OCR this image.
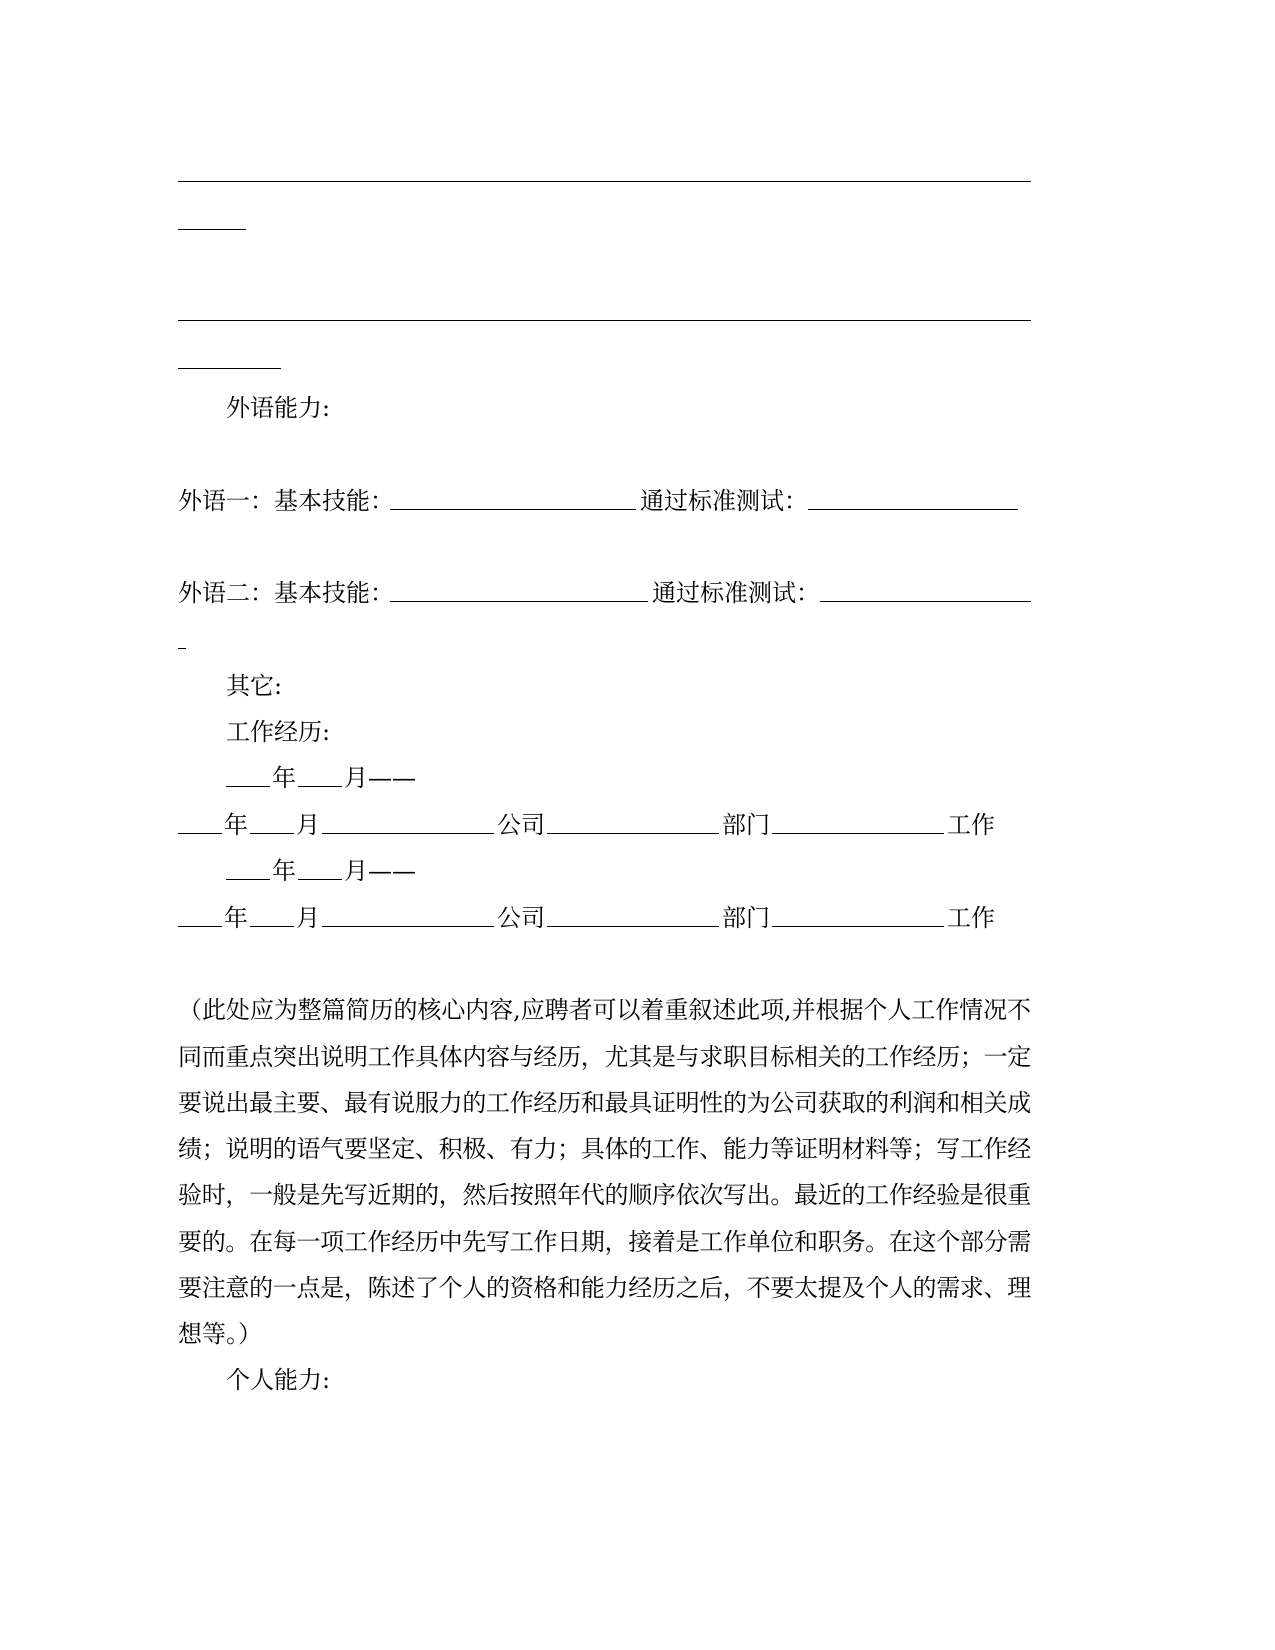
外语能力:
外语一：基本技能：	通过标准测试：
外语二：基本技能：	通过标准测试：
其它:
工作经历:
年 月——
年 月	公司	部门	工作
年 月——
年 月	公司	部门	工作
（此处应为整篇简历的核心内容,应聘者可以着重叙述此项,并根据个人工作情况不
同而重点突出说明工作具体内容与经历，尤其是与求职目标相关的工作经历；一定
要说出最主要、最有说服力的工作经历和最具证明性的为公司获取的利润和相关成
绩；说明的语气要坚定、积极、有力；具体的工作、能力等证明材料等；写工作经
验时，一般是先写近期的，然后按照年代的顺序依次写出。最近的工作经验是很重
要的。在每一项工作经历中先写工作日期，接着是工作单位和职务。在这个部分需
要注意的一点是，陈述了个人的资格和能力经历之后，不要太提及个人的需求、理
想等。）
个人能力:
